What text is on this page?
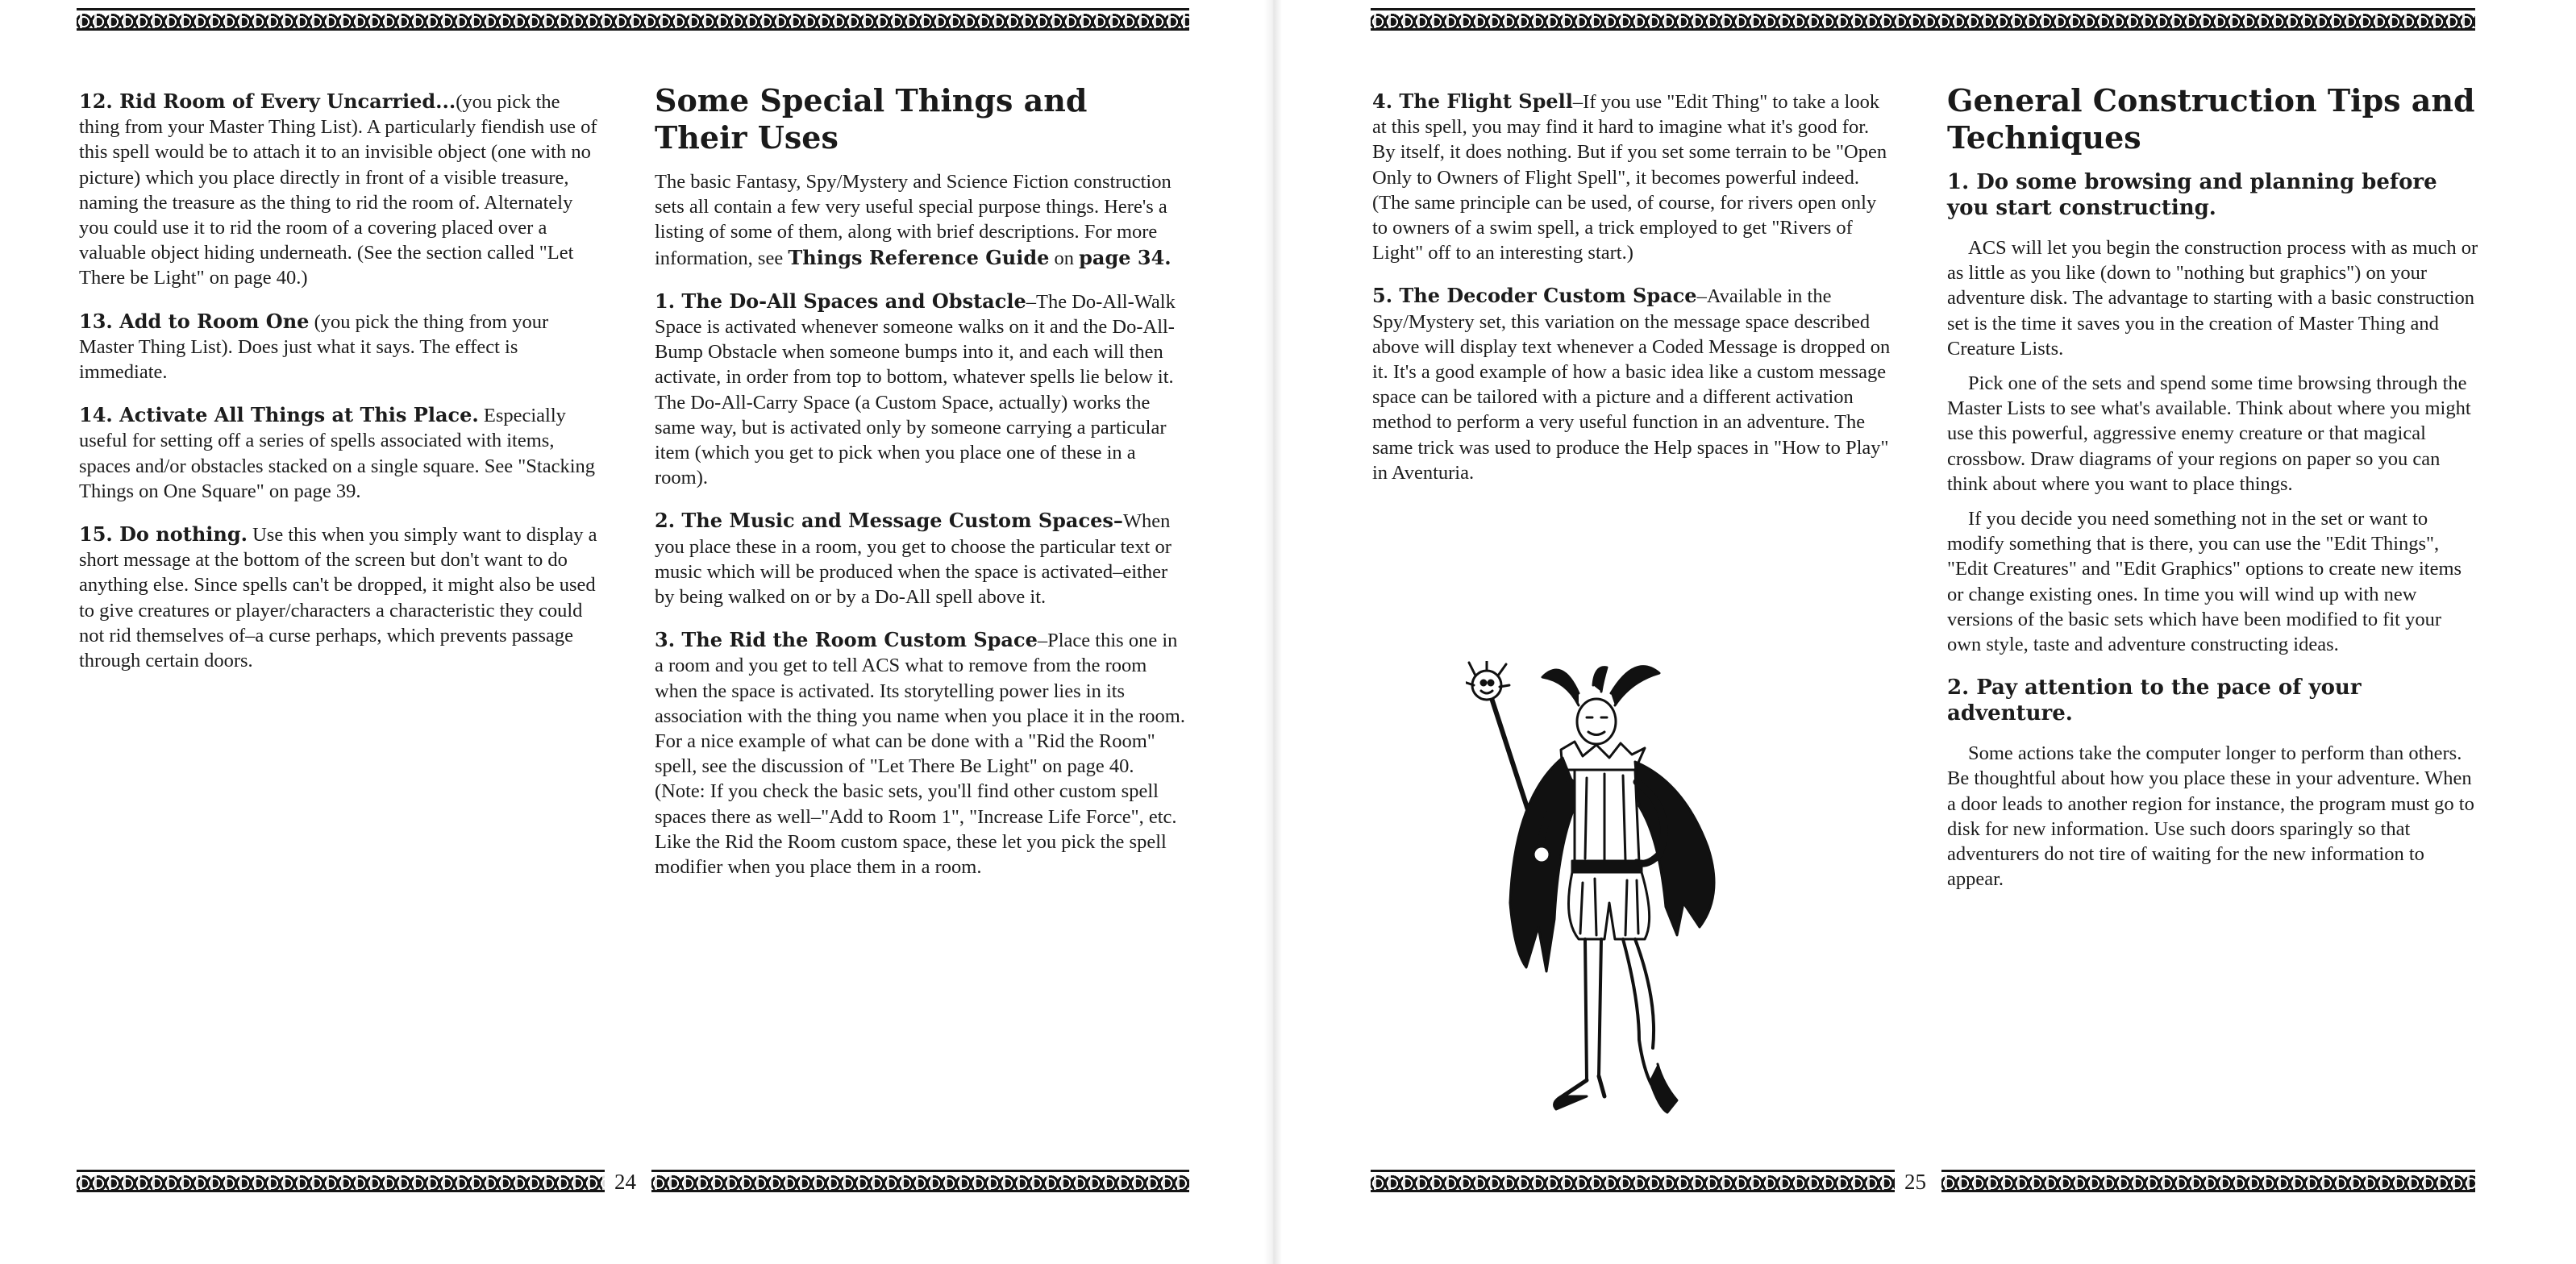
12. Rid Room of Every Uncarried...(you pick the thing from your Master Thing List). A particularly fiendish use of this spell would be to attach it to an invisible object (one with no picture) which you place directly in front of a visible treasure, naming the treasure as the thing to rid the room of. Alternately you could use it to rid the room of a covering placed over a valuable object hiding underneath. (See the section called "Let There be Light" on page 40.)

13. Add to Room One (you pick the thing from your Master Thing List). Does just what it says. The effect is immediate.

14. Activate All Things at This Place. Especially useful for setting off a series of spells associated with items, spaces and/or obstacles stacked on a single square. See "Stacking Things on One Square" on page 39.

15. Do nothing. Use this when you simply want to display a short message at the bottom of the screen but don't want to do anything else. Since spells can't be dropped, it might also be used to give creatures or player/characters a characteristic they could not rid themselves of–a curse perhaps, which prevents passage through certain doors.

Some Special Things and Their Uses

The basic Fantasy, Spy/Mystery and Science Fiction construction sets all contain a few very useful special purpose things. Here's a listing of some of them, along with brief descriptions. For more information, see Things Reference Guide on page 34.

1. The Do-All Spaces and Obstacle–The Do-All-Walk Space is activated whenever someone walks on it and the Do-All-Bump Obstacle when someone bumps into it, and each will then activate, in order from top to bottom, whatever spells lie below it. The Do-All-Carry Space (a Custom Space, actually) works the same way, but is activated only by someone carrying a particular item (which you get to pick when you place one of these in a room).

2. The Music and Message Custom Spaces–When you place these in a room, you get to choose the particular text or music which will be produced when the space is activated–either by being walked on or by a Do-All spell above it.

3. The Rid the Room Custom Space–Place this one in a room and you get to tell ACS what to remove from the room when the space is activated. Its storytelling power lies in its association with the thing you name when you place it in the room. For a nice example of what can be done with a "Rid the Room" spell, see the discussion of "Let There Be Light" on page 40. (Note: If you check the basic sets, you'll find other custom spell spaces there as well–"Add to Room 1", "Increase Life Force", etc. Like the Rid the Room custom space, these let you pick the spell modifier when you place them in a room.

24

4. The Flight Spell–If you use "Edit Thing" to take a look at this spell, you may find it hard to imagine what it's good for. By itself, it does nothing. But if you set some terrain to be "Open Only to Owners of Flight Spell", it becomes powerful indeed. (The same principle can be used, of course, for rivers open only to owners of a swim spell, a trick employed to get "Rivers of Light" off to an interesting start.)

5. The Decoder Custom Space–Available in the Spy/Mystery set, this variation on the message space described above will display text whenever a Coded Message is dropped on it. It's a good example of how a basic idea like a custom message space can be tailored with a picture and a different activation method to perform a very useful function in an adventure. The same trick was used to produce the Help spaces in "How to Play" in Aventuria.

General Construction Tips and Techniques
1. Do some browsing and planning before you start constructing.

ACS will let you begin the construction process with as much or as little as you like (down to "nothing but graphics") on your adventure disk. The advantage to starting with a basic construction set is the time it saves you in the creation of Master Thing and Creature Lists.

Pick one of the sets and spend some time browsing through the Master Lists to see what's available. Think about where you might use this powerful, aggressive enemy creature or that magical crossbow. Draw diagrams of your regions on paper so you can think about where you want to place things.

If you decide you need something not in the set or want to modify something that is there, you can use the "Edit Things", "Edit Creatures" and "Edit Graphics" options to create new items or change existing ones. In time you will wind up with new versions of the basic sets which have been modified to fit your own style, taste and adventure constructing ideas.

2. Pay attention to the pace of your adventure.

Some actions take the computer longer to perform than others. Be thoughtful about how you place these in your adventure. When a door leads to another region for instance, the program must go to disk for new information. Use such doors sparingly so that adventurers do not tire of waiting for the new information to appear.

25
